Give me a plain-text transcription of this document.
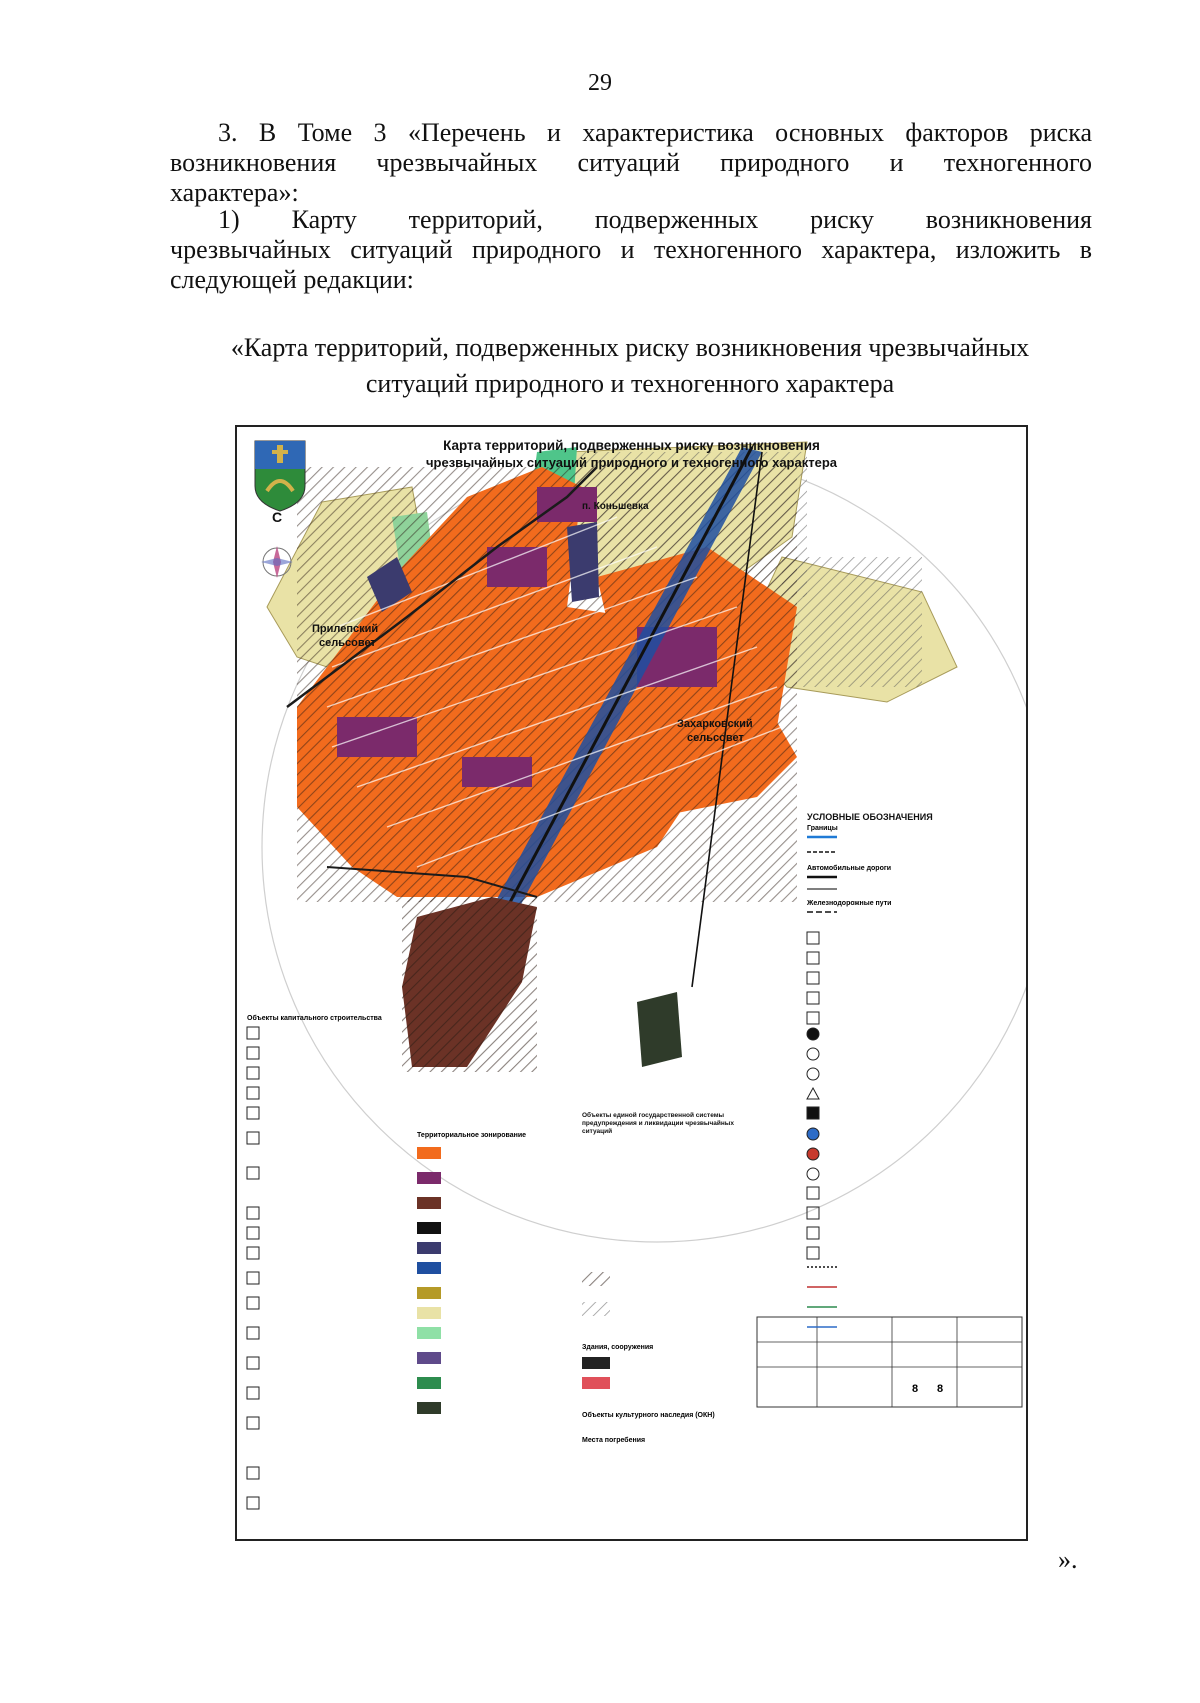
29
3. В Томе 3 «Перечень и характеристика основных факторов риска
возникновения чрезвычайных ситуаций природного и техногенного
характера»:
1) Карту территорий, подверженных риску возникновения
чрезвычайных ситуаций природного и техногенного характера, изложить в
следующей редакции:
«Карта территорий, подверженных риску возникновения чрезвычайных
ситуаций природного и техногенного характера
Прилепский
сельсовет
Захарковский
сельсовет
п. Коньшевка
С
Границы
Автомобильные дороги
Железнодорожные пути
Территориальное зонирование
Объекты капитального строительства
Здания, сооружения
Объекты культурного наследия (ОКН)
Места погребения
8 8
Карта территорий, подверженных риску возникновения
чрезвычайных ситуаций природного и техногенного характера
УСЛОВНЫЕ ОБОЗНАЧЕНИЯ
Объекты единой государственной системы предупреждения и ликвидации чрезвычайных ситуаций
».
